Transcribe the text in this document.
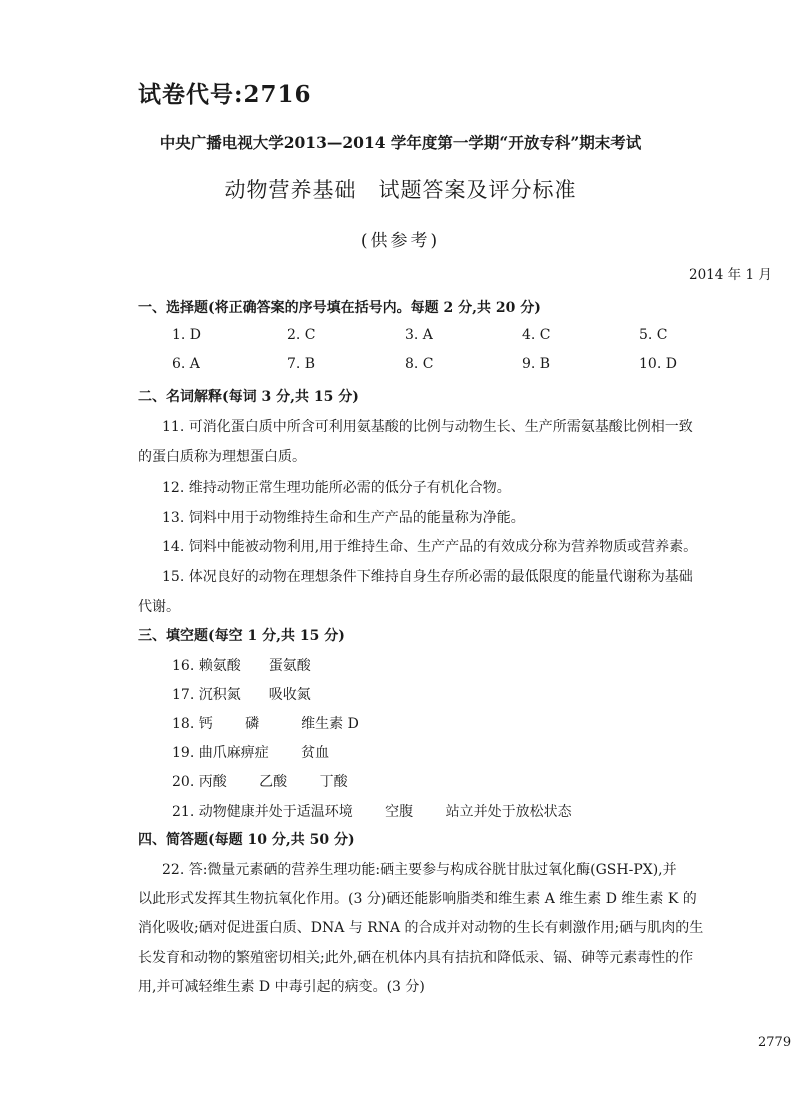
试卷代号:2716
中央广播电视大学2013—2014 学年度第一学期“开放专科”期末考试
动物营养基础　试题答案及评分标准
(供参考)
2014 年 1 月
一、选择题(将正确答案的序号填在括号内。每题 2 分,共 20 分)
1. D	2. C	3. A	4. C	5. C
6. A	7. B	8. C	9. B	10. D
二、名词解释(每词 3 分,共 15 分)
11. 可消化蛋白质中所含可利用氨基酸的比例与动物生长、生产所需氨基酸比例相一致
的蛋白质称为理想蛋白质。
12. 维持动物正常生理功能所必需的低分子有机化合物。
13. 饲料中用于动物维持生命和生产产品的能量称为净能。
14. 饲料中能被动物利用,用于维持生命、生产产品的有效成分称为营养物质或营养素。
15. 体况良好的动物在理想条件下维持自身生存所必需的最低限度的能量代谢称为基础
代谢。
三、填空题(每空 1 分,共 15 分)
16. 赖氨酸　　蛋氨酸
17. 沉积氮　　吸收氮
18. 钙　　 磷　　　维生素 D
19. 曲爪麻痹症　　 贫血
20. 丙酸　　 乙酸　　 丁酸
21. 动物健康并处于适温环境　　 空腹　　 站立并处于放松状态
四、简答题(每题 10 分,共 50 分)
22. 答:微量元素硒的营养生理功能:硒主要参与构成谷胱甘肽过氧化酶(GSH-PX),并
以此形式发挥其生物抗氧化作用。(3 分)硒还能影响脂类和维生素 A 维生素 D 维生素 K 的
消化吸收;硒对促进蛋白质、DNA 与 RNA 的合成并对动物的生长有刺激作用;硒与肌肉的生
长发育和动物的繁殖密切相关;此外,硒在机体内具有拮抗和降低汞、镉、砷等元素毒性的作
用,并可减轻维生素 D 中毒引起的病变。(3 分)
2779
